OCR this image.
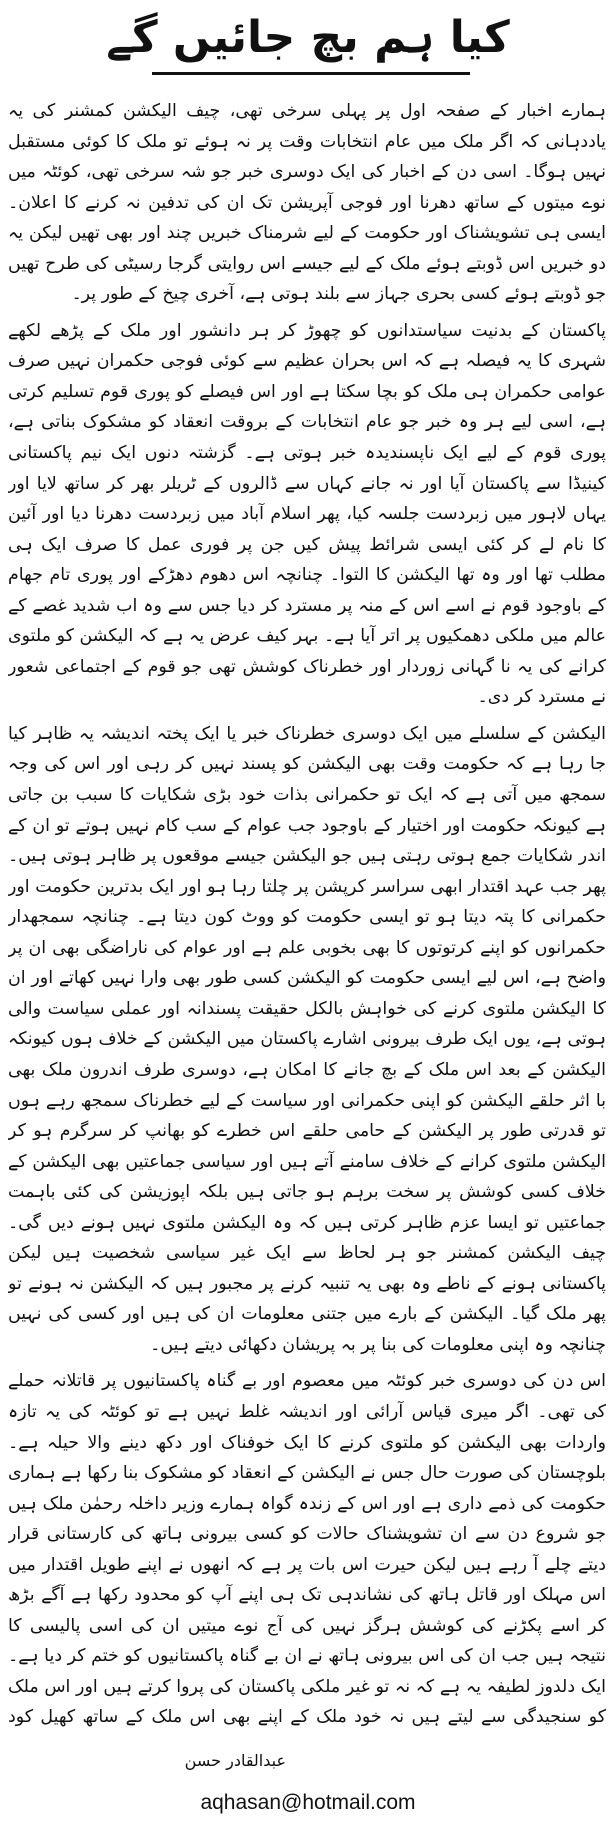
کیا ہم بچ جائیں گے

ہمارے اخبار کے صفحہ اول پر پہلی سرخی تھی، چیف الیکشن کمشنر کی یہ یاددہانی کہ اگر ملک میں عام انتخابات وقت پر نہ ہوئے تو ملک کا کوئی مستقبل نہیں ہوگا۔ اسی دن کے اخبار کی ایک دوسری خبر جو شہ سرخی تھی، کوئٹہ میں نوے میتوں کے ساتھ دھرنا اور فوجی آپریشن تک ان کی تدفین نہ کرنے کا اعلان۔ ایسی ہی تشویشناک اور حکومت کے لیے شرمناک خبریں چند اور بھی تھیں لیکن یہ دو خبریں اس ڈوبتے ہوئے ملک کے لیے جیسے اس روایتی گرجا رسیٹی کی طرح تھیں جو ڈوبتے ہوئے کسی بحری جہاز سے بلند ہوتی ہے، آخری چیخ کے طور پر۔

پاکستان کے بدنیت سیاستدانوں کو چھوڑ کر ہر دانشور اور ملک کے پڑھے لکھے شہری کا یہ فیصلہ ہے کہ اس بحران عظیم سے کوئی فوجی حکمران نہیں صرف عوامی حکمران ہی ملک کو بچا سکتا ہے اور اس فیصلے کو پوری قوم تسلیم کرتی ہے، اسی لیے ہر وہ خبر جو عام انتخابات کے بروقت انعقاد کو مشکوک بناتی ہے، پوری قوم کے لیے ایک ناپسندیدہ خبر ہوتی ہے۔ گزشتہ دنوں ایک نیم پاکستانی کینیڈا سے پاکستان آیا اور نہ جانے کہاں سے ڈالروں کے ٹریلر بھر کر ساتھ لایا اور یہاں لاہور میں زبردست جلسہ کیا، پھر اسلام آباد میں زبردست دھرنا دیا اور آئین کا نام لے کر کئی ایسی شرائط پیش کیں جن پر فوری عمل کا صرف ایک ہی مطلب تھا اور وہ تھا الیکشن کا التوا۔ چنانچہ اس دھوم دھڑکے اور پوری تام جھام کے باوجود قوم نے اسے اس کے منہ پر مسترد کر دیا جس سے وہ اب شدید غصے کے عالم میں ملکی دھمکیوں پر اتر آیا ہے۔ بہر کیف عرض یہ ہے کہ الیکشن کو ملتوی کرانے کی یہ نا گہانی زوردار اور خطرناک کوشش تھی جو قوم کے اجتماعی شعور نے مسترد کر دی۔

الیکشن کے سلسلے میں ایک دوسری خطرناک خبر یا ایک پختہ اندیشہ یہ ظاہر کیا جا رہا ہے کہ حکومت وقت بھی الیکشن کو پسند نہیں کر رہی اور اس کی وجہ سمجھ میں آتی ہے کہ ایک تو حکمرانی بذات خود بڑی شکایات کا سبب بن جاتی ہے کیونکہ حکومت اور اختیار کے باوجود جب عوام کے سب کام نہیں ہوتے تو ان کے اندر شکایات جمع ہوتی رہتی ہیں جو الیکشن جیسے موقعوں پر ظاہر ہوتی ہیں۔ پھر جب عہد اقتدار ابھی سراسر کرپشن پر چلتا رہا ہو اور ایک بدترین حکومت اور حکمرانی کا پتہ دیتا ہو تو ایسی حکومت کو ووٹ کون دیتا ہے۔ چنانچہ سمجھدار حکمرانوں کو اپنے کرتوتوں کا بھی بخوبی علم ہے اور عوام کی ناراضگی بھی ان پر واضح ہے، اس لیے ایسی حکومت کو الیکشن کسی طور بھی وارا نہیں کھاتے اور ان کا الیکشن ملتوی کرنے کی خواہش بالکل حقیقت پسندانہ اور عملی سیاست والی ہوتی ہے، یوں ایک طرف بیرونی اشارے پاکستان میں الیکشن کے خلاف ہوں کیونکہ الیکشن کے بعد اس ملک کے بچ جانے کا امکان ہے، دوسری طرف اندرون ملک بھی با اثر حلقے الیکشن کو اپنی حکمرانی اور سیاست کے لیے خطرناک سمجھ رہے ہوں تو قدرتی طور پر الیکشن کے حامی حلقے اس خطرے کو بھانپ کر سرگرم ہو کر الیکشن ملتوی کرانے کے خلاف سامنے آتے ہیں اور سیاسی جماعتیں بھی الیکشن کے خلاف کسی کوشش پر سخت برہم ہو جاتی ہیں بلکہ اپوزیشن کی کئی باہمت جماعتیں تو ایسا عزم ظاہر کرتی ہیں کہ وہ الیکشن ملتوی نہیں ہونے دیں گی۔ چیف الیکشن کمشنر جو ہر لحاظ سے ایک غیر سیاسی شخصیت ہیں لیکن پاکستانی ہونے کے ناطے وہ بھی یہ تنبیہ کرنے پر مجبور ہیں کہ الیکشن نہ ہونے تو پھر ملک گیا۔ الیکشن کے بارے میں جتنی معلومات ان کی ہیں اور کسی کی نہیں چنانچہ وہ اپنی معلومات کی بنا پر بہ پریشان دکھائی دیتے ہیں۔

اس دن کی دوسری خبر کوئٹہ میں معصوم اور بے گناہ پاکستانیوں پر قاتلانہ حملے کی تھی۔ اگر میری قیاس آرائی اور اندیشہ غلط نہیں ہے تو کوئٹہ کی یہ تازہ واردات بھی الیکشن کو ملتوی کرنے کا ایک خوفناک اور دکھ دینے والا حیلہ ہے۔ بلوچستان کی صورت حال جس نے الیکشن کے انعقاد کو مشکوک بنا رکھا ہے ہماری حکومت کی ذمے داری ہے اور اس کے زندہ گواہ ہمارے وزیر داخلہ رحمٰن ملک ہیں جو شروع دن سے ان تشویشناک حالات کو کسی بیرونی ہاتھ کی کارستانی قرار دیتے چلے آ رہے ہیں لیکن حیرت اس بات پر ہے کہ انھوں نے اپنے طویل اقتدار میں اس مہلک اور قاتل ہاتھ کی نشاندہی تک ہی اپنے آپ کو محدود رکھا ہے آگے بڑھ کر اسے پکڑنے کی کوشش ہرگز نہیں کی آج نوے میتیں ان کی اسی پالیسی کا نتیجہ ہیں جب ان کی اس بیرونی ہاتھ نے ان بے گناہ پاکستانیوں کو ختم کر دیا ہے۔ ایک دلدوز لطیفہ یہ ہے کہ نہ تو غیر ملکی پاکستان کی پروا کرتے ہیں اور اس ملک کو سنجیدگی سے لیتے ہیں نہ خود ملک کے اپنے بھی اس ملک کے ساتھ کھیل کود

عبدالقادر حسن
aqhasan@hotmail.com
